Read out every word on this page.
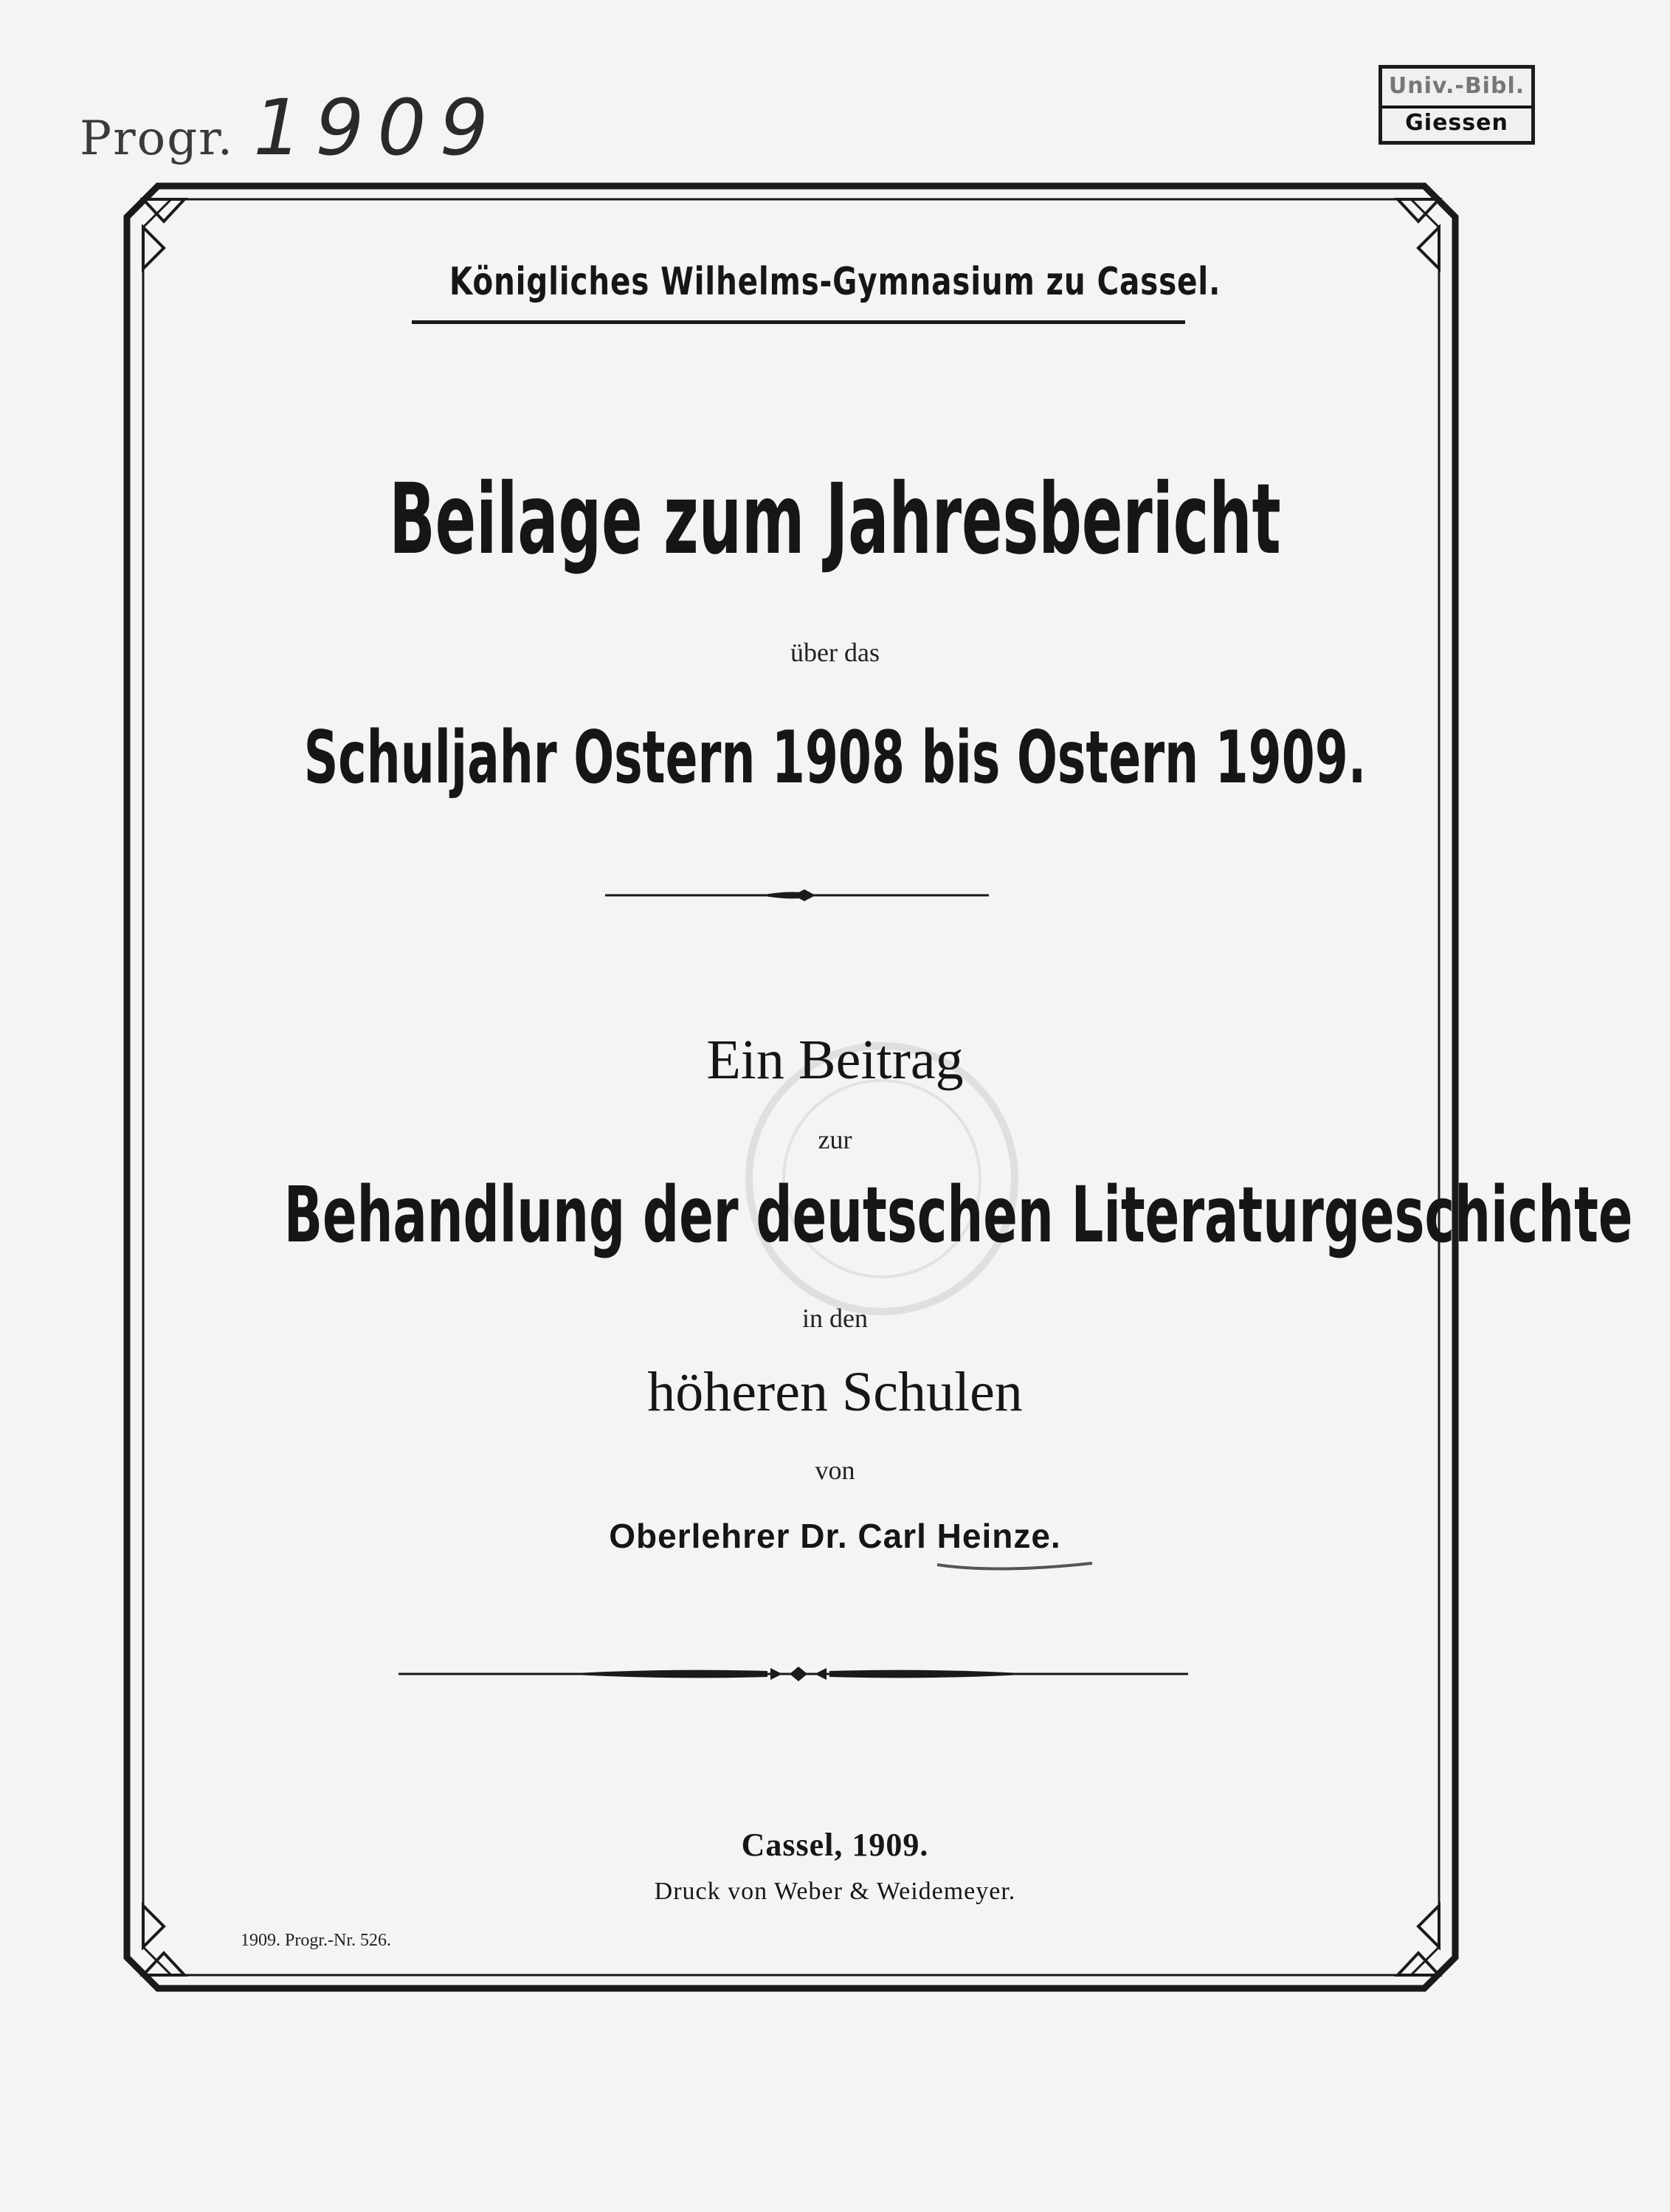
Progr. 1909	Univ.-Bibl.
Giessen
Königliches Wilhelms-Gymnasium zu Cassel.
Beilage zum Jahresbericht
über das
Schuljahr Ostern 1908 bis Ostern 1909.
Ein Beitrag
zur
Behandlung der deutschen Literaturgeschichte
in den
höheren Schulen
von
Oberlehrer Dr. Carl Heinze.
Cassel, 1909.
Druck von Weber & Weidemeyer.
1909. Progr.-Nr. 526.
